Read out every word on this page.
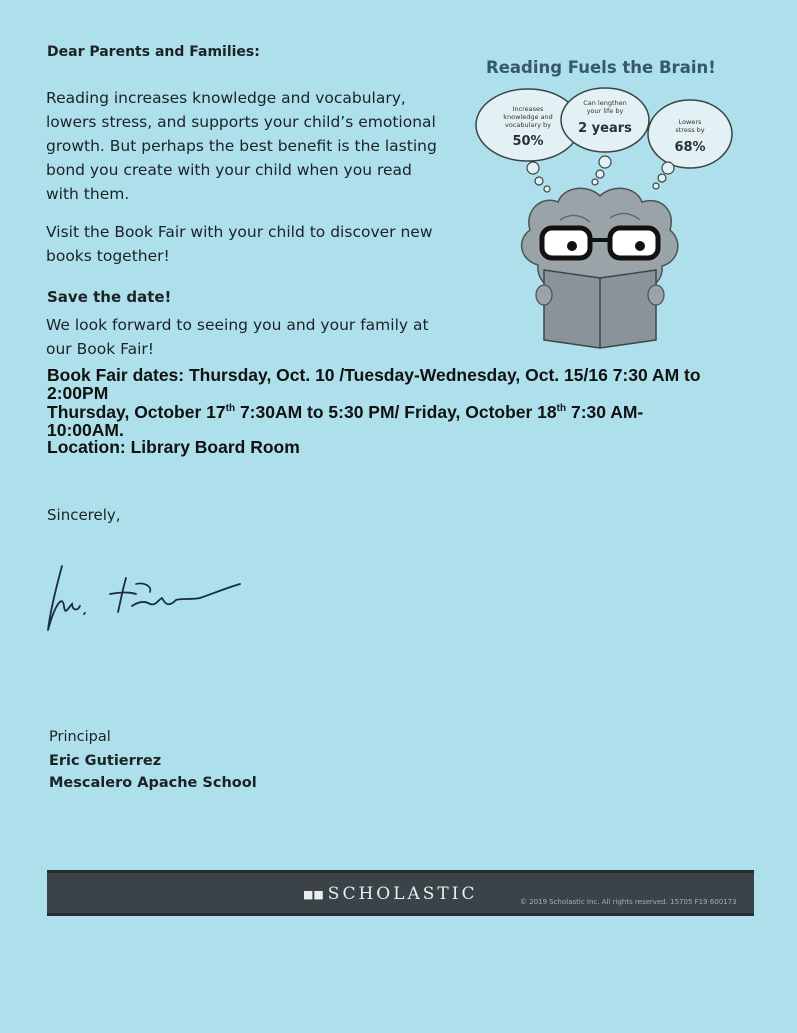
Dear Parents and Families:
Reading increases knowledge and vocabulary,
lowers stress, and supports your child’s emotional
growth. But perhaps the best benefit is the lasting
bond you create with your child when you read
with them.
Visit the Book Fair with your child to discover new
books together!
Save the date!
We look forward to seeing you and your family at
our Book Fair!
Increases
knowledge and
vocabulary by
50%
Can lengthen
your life by
2 years	Lowers
stress by
68%
Reading Fuels the Brain!
Book Fair dates: Thursday, Oct. 10 /Tuesday-Wednesday, Oct. 15/16 7:30 AM to
2:00PM
Thursday, October 17th 7:30AM to 5:30 PM/ Friday, October 18th 7:30 AM-
10:00AM.
Location: Library Board Room
Sincerely,
Principal
Eric Gutierrez
Mescalero Apache School
■■ SCHOLASTIC	© 2019 Scholastic Inc. All rights reserved. 15705 F19 600173
